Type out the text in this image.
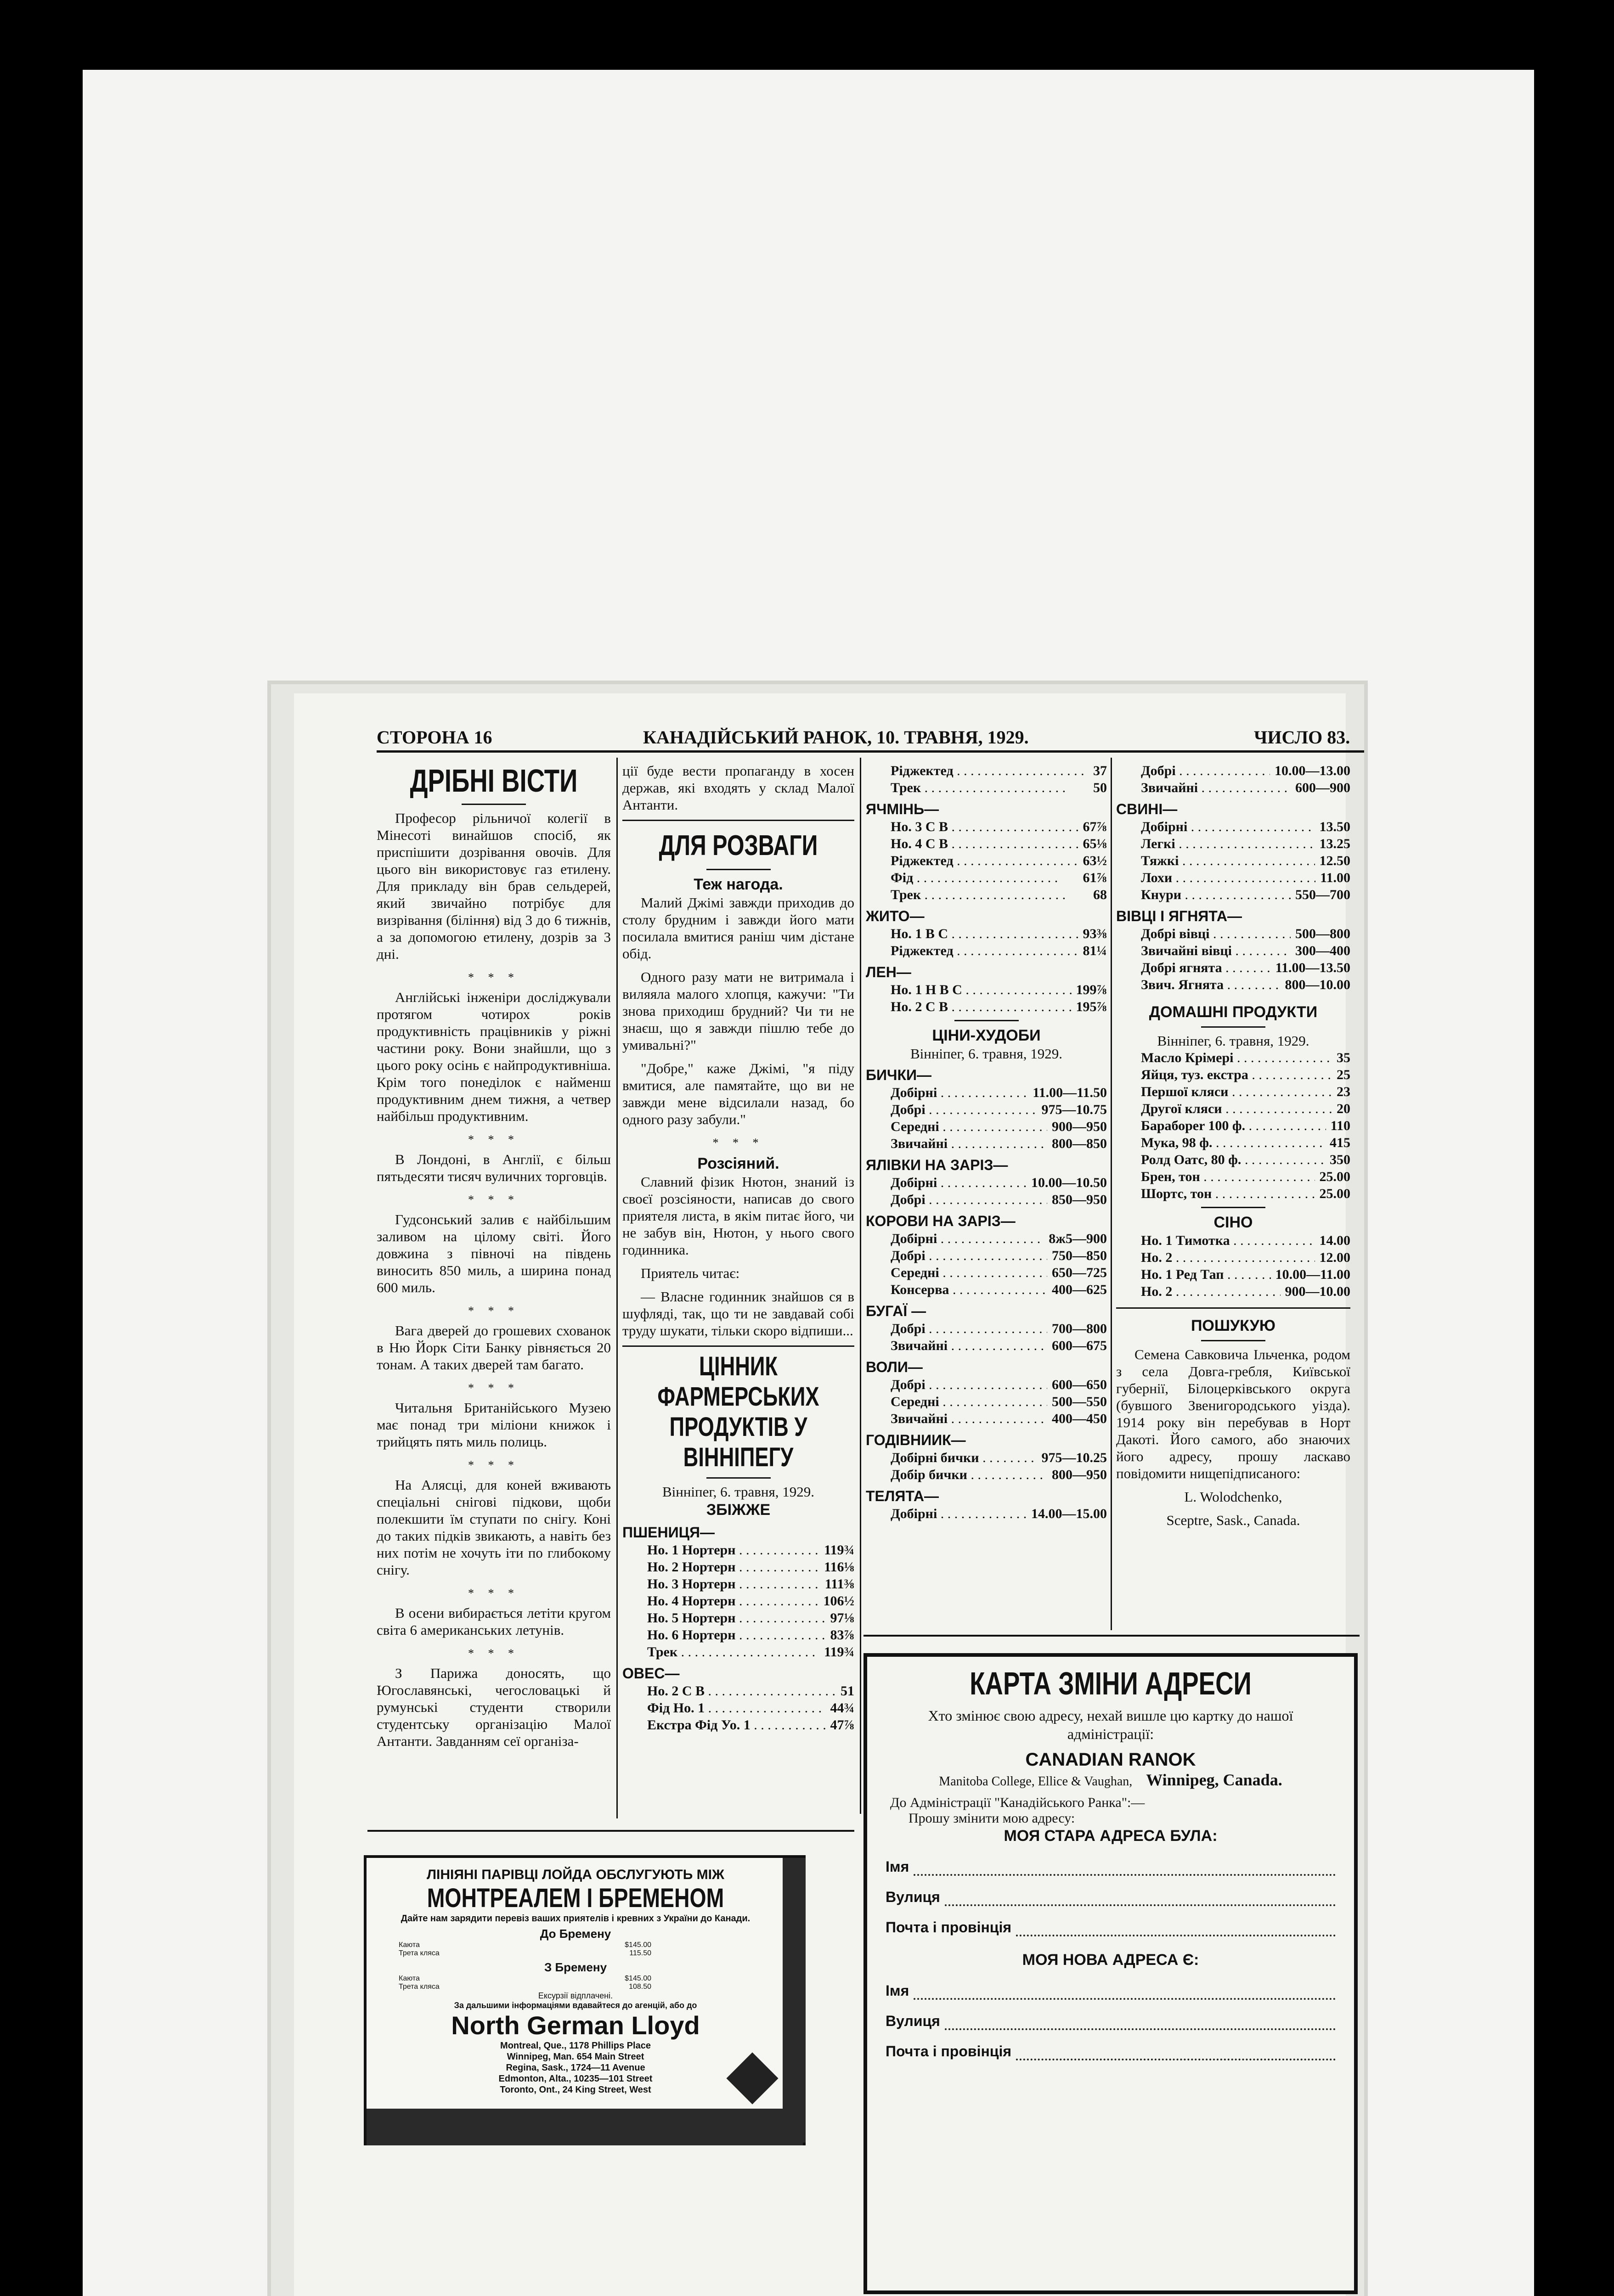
СТОРОНА 16	КАНАДІЙСЬКИЙ РАНОК, 10. ТРАВНЯ, 1929.	ЧИСЛО 83.
ДРІБНІ ВІСТИ

Професор рільничої колегії в Мінесоті винайшов спосіб, як приспішити дозрівання овочів. Для цього він використовує газ етилену. Для прикладу він брав сельдерей, який звичайно потрібує для визрівання (біління) від 3 до 6 тижнів, а за допомогою етилену, дозрів за 3 дні.

* * *

Англійські інженіри досліджували протягом чотирох років продуктивність працівників у ріжні частини року. Вони знайшли, що з цього року осінь є найпродуктивніша. Крім того понеділок є найменш продуктивним днем тижня, а четвер найбільш продуктивним.

* * *

В Лондоні, в Англії, є більш пятьдесяти тисяч вуличних торговців.

* * *

Гудсонський залив є найбільшим заливом на цілому світі. Його довжина з півночі на південь виносить 850 миль, а ширина понад 600 миль.

* * *

Вага дверей до грошевих схованок в Ню Йорк Сіти Банку рівняється 20 тонам. А таких дверей там багато.

* * *

Читальня Британійського Музею має понад три міліони книжок і трийцять пять миль полиць.

* * *

На Алясці, для коней вживають спеціальні снігові підкови, щоби полекшити їм ступати по снігу. Коні до таких підків звикають, а навіть без них потім не хочуть іти по глибокому снігу.

* * *

В осени вибирається летіти кругом світа 6 американських летунів.

* * *

З Парижа доносять, що Югославянські, чегословацькі й румунські студенти створили студентську організацію Малої Антанти. Завданням сеї організа-

ції буде вести пропаганду в хосен держав, які входять у склад Малої Антанти.

ДЛЯ РОЗВАГИ
Теж нагода.

Малий Джімі завжди приходив до столу брудним і завжди його мати посилала вмитися раніш чим дістане обід.

Одного разу мати не витримала і виляяла малого хлопця, кажучи: "Ти знова приходиш брудний? Чи ти не знаєш, що я завжди пішлю тебе до умивальні?"

"Добре," каже Джімі, "я піду вмитися, але памятайте, що ви не завжди мене відсилали назад, бо одного разу забули."

* * *
Розсіяний.

Славний фізик Нютон, знаний із своєї розсіяности, написав до свого приятеля листа, в якім питає його, чи не забув він, Нютон, у нього свого годинника.

Приятель читає:

— Власне годинник знайшов ся в шуфляді, так, що ти не завдавай собі труду шукати, тільки скоро відпиши...

ЦІННИК ФАРМЕРСЬКИХ ПРОДУКТІВ У ВІННІПЕГУ
Вінніпег, 6. травня, 1929.
ЗБІЖЖЕ
ПШЕНИЦЯ—
Но. 1 Нортерн . . .	119¾
Но. 2 Нортерн . . .	116⅛
Но. 3 Нортерн . . .	111⅜
Но. 4 Нортерн . . .	106½
Но. 5 Нортерн . . .	97⅛
Но. 6 Нортерн . . .	83⅞
Трек . . .	119¾
ОВЕС—
Но. 2 С В . . .	51
Фід Но. 1 . . .	44¾
Екстра Фід Уо. 1 . . .	47⅞
Ріджектед . . .	37
Трек . . .	50
ЯЧМІНЬ—
Но. 3 С В . . .	67⅞
Но. 4 С В . . .	65⅛
Ріджектед . . .	63½
Фід . . .	61⅞
Трек . . .	68
ЖИТО—
Но. 1 В С . . .	93⅜
Ріджектед . . .	81¼
ЛЕН—
Но. 1 Н В С . . .	199⅞
Но. 2 С В . . .	195⅞
ЦІНИ-ХУДОБИ
Вінніпег, 6. травня, 1929.
БИЧКИ—
Добірні . . .	11.00—11.50
Добрі . . .	975—10.75
Середні . . .	900—950
Звичайні . . .	800—850
ЯЛІВКИ НА ЗАРІЗ—
Добірні . . .	10.00—10.50
Добрі . . .	850—950
КОРОВИ НА ЗАРІЗ—
Добірні . . .	8ж5—900
Добрі . . .	750—850
Середні . . .	650—725
Консерва . . .	400—625
БУГАЇ —
Добрі . . .	700—800
Звичайні . . .	600—675
ВОЛИ—
Добрі . . .	600—650
Середні . . .	500—550
Звичайні . . .	400—450
ГОДІВНИИК—
Добірні бички . . .	975—10.25
Добір бички . . .	800—950
ТЕЛЯТА—
Добірні . . .	14.00—15.00
Добрі . . .	10.00—13.00
Звичайні . . .	600—900
СВИНІ—
Добірні . . .	13.50
Легкі . . .	13.25
Тяжкі . . .	12.50
Лохи . . .	11.00
Кнури . . .	550—700
ВІВЦІ І ЯГНЯТА—
Добрі вівці . . .	500—800
Звичайні вівці . . .	300—400
Добрі ягнята . . .	11.00—13.50
Звич. Ягнята . . .	800—10.00
ДОМАШНІ ПРОДУКТИ
Вінніпег, 6. травня, 1929.
Масло Крімері . . .	35
Яйця, туз. екстра . . .	25
Першої кляси . . .	23
Другої кляси . . .	20
Барабоper 100 ф. . . .	110
Мука, 98 ф. . . .	415
Ролд Оатс, 80 ф. . . .	350
Брен, тон . . .	25.00
Шортс, тон . . .	25.00
СІНО
Но. 1 Тимотка . . .	14.00
Но. 2 . . .	12.00
Но. 1 Ред Тап . . .	10.00—11.00
Но. 2 . . .	900—10.00
ПОШУКУЮ

Семена Савковича Ільченка, родом з села Довга-гребля, Київської губернії, Білоцерківського округа (бувшого Звенигородського уізда). 1914 року він перебував в Норт Дакоті. Його самого, або знаючих його адресу, прошу ласкаво повідомити нищепідписаного:

L. Wolodchenko,
Sceptre, Sask., Canada.
ЛІНІЯНІ ПАРІВЦІ ЛОЙДА ОБСЛУГУЮТЬ МІЖ
МОНТРЕАЛЕМ І БРЕМЕНОМ
Дайте нам зарядити перевіз ваших приятелів і кревних з України до Канади.
До Бремену
Каюта	$145.00
Трета кляса	115.50
З Бремену
Каюта	$145.00
Трета кляса	108.50
Ексурзії відплачені.
За дальшими інформаціями вдавайтеся до агенцій, або до
North German Lloyd
Montreal, Que., 1178 Phillips Place
Winnipeg, Man. 654 Main Street
Regina, Sask., 1724—11 Avenue
Edmonton, Alta., 10235—101 Street
Toronto, Ont., 24 King Street, West
КАРТА ЗМІНИ АДРЕСИ
Хто змінює свою адресу, нехай вишле цю картку до нашої адміністрації:
CANADIAN RANOK
Manitoba College, Ellice & Vaughan, Winnipeg, Canada.
До Адміністрації "Канадійського Ранка":—
Прошу змінити мою адресу:
МОЯ СТАРА АДРЕСА БУЛА:
Імя
Вулиця
Почта і провінція
МОЯ НОВА АДРЕСА Є:
Імя
Вулиця
Почта і провінція
